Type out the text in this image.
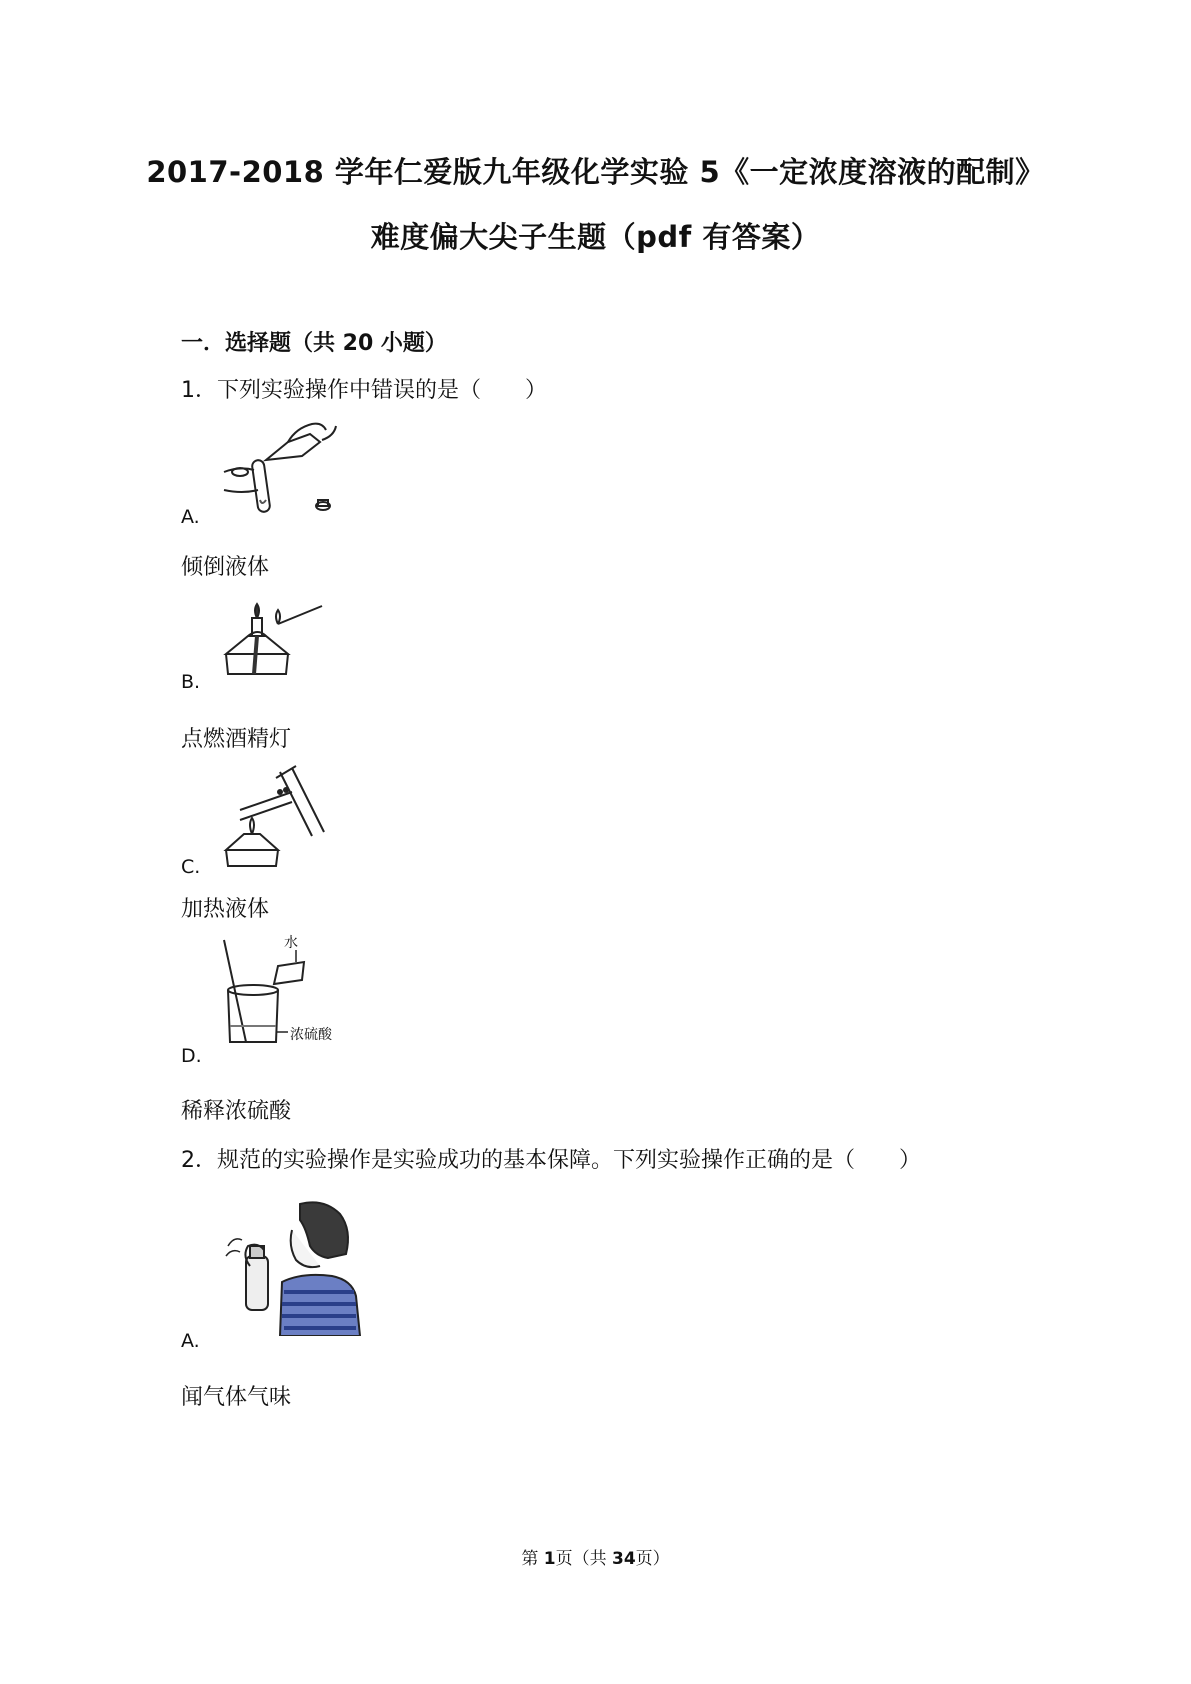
2017-2018 学年仁爱版九年级化学实验 5《一定浓度溶液的配制》
难度偏大尖子生题（pdf 有答案）
一．选择题（共 20 小题）
1．下列实验操作中错误的是（　　）
A.
倾倒液体
B.
点燃酒精灯
C.
加热液体
水
浓硫酸
D.
稀释浓硫酸
2．规范的实验操作是实验成功的基本保障。下列实验操作正确的是（　　）
A.
闻气体气味
第 1页（共 34页）
